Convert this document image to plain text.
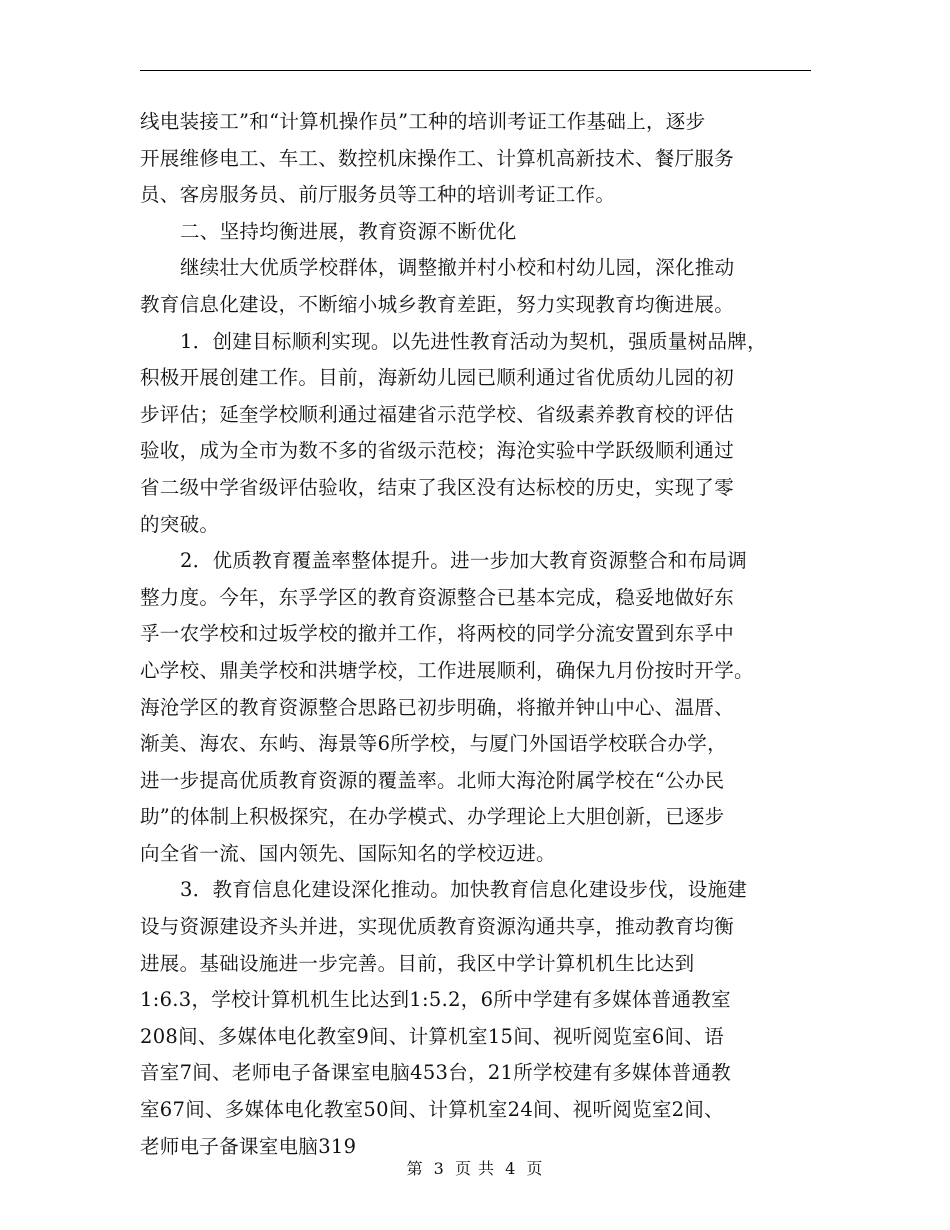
线电装接工”和“计算机操作员”工种的培训考证工作基础上，逐步
开展维修电工、车工、数控机床操作工、计算机高新技术、餐厅服务
员、客房服务员、前厅服务员等工种的培训考证工作。
二、坚持均衡进展，教育资源不断优化
继续壮大优质学校群体，调整撤并村小校和村幼儿园，深化推动
教育信息化建设，不断缩小城乡教育差距，努力实现教育均衡进展。
1．创建目标顺利实现。以先进性教育活动为契机，强质量树品牌，
积极开展创建工作。目前，海新幼儿园已顺利通过省优质幼儿园的初
步评估；延奎学校顺利通过福建省示范学校、省级素养教育校的评估
验收，成为全市为数不多的省级示范校；海沧实验中学跃级顺利通过
省二级中学省级评估验收，结束了我区没有达标校的历史，实现了零
的突破。
2．优质教育覆盖率整体提升。进一步加大教育资源整合和布局调
整力度。今年，东孚学区的教育资源整合已基本完成，稳妥地做好东
孚一农学校和过坂学校的撤并工作，将两校的同学分流安置到东孚中
心学校、鼎美学校和洪塘学校，工作进展顺利，确保九月份按时开学。
海沧学区的教育资源整合思路已初步明确，将撤并钟山中心、温厝、
渐美、海农、东屿、海景等6所学校，与厦门外国语学校联合办学，
进一步提高优质教育资源的覆盖率。北师大海沧附属学校在“公办民
助”的体制上积极探究，在办学模式、办学理论上大胆创新，已逐步
向全省一流、国内领先、国际知名的学校迈进。
3．教育信息化建设深化推动。加快教育信息化建设步伐，设施建
设与资源建设齐头并进，实现优质教育资源沟通共享，推动教育均衡
进展。基础设施进一步完善。目前，我区中学计算机机生比达到
1:6.3，学校计算机机生比达到1:5.2，6所中学建有多媒体普通教室
208间、多媒体电化教室9间、计算机室15间、视听阅览室6间、语
音室7间、老师电子备课室电脑453台，21所学校建有多媒体普通教
室67间、多媒体电化教室50间、计算机室24间、视听阅览室2间、
老师电子备课室电脑319
第 3 页 共 4 页
